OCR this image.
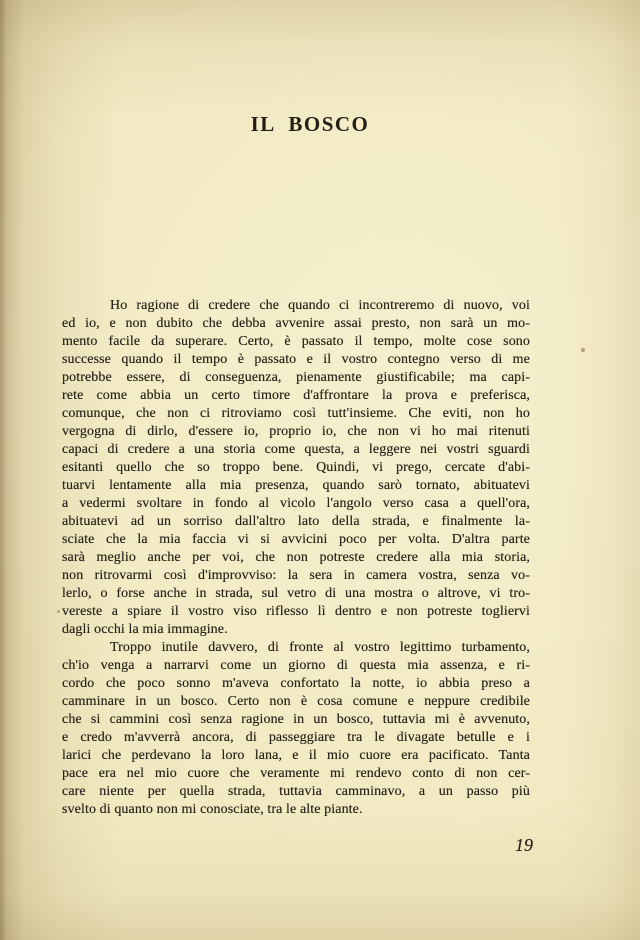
IL BOSCO
Ho ragione di credere che quando ci incontreremo di nuovo, voi
ed io, e non dubito che debba avvenire assai presto, non sarà un mo-
mento facile da superare. Certo, è passato il tempo, molte cose sono
successe quando il tempo è passato e il vostro contegno verso di me
potrebbe essere, di conseguenza, pienamente giustificabile; ma capi-
rete come abbia un certo timore d'affrontare la prova e preferisca,
comunque, che non ci ritroviamo così tutt'insieme. Che eviti, non ho
vergogna di dirlo, d'essere io, proprio io, che non vi ho mai ritenuti
capaci di credere a una storia come questa, a leggere nei vostri sguardi
esitanti quello che so troppo bene. Quindi, vi prego, cercate d'abi-
tuarvi lentamente alla mia presenza, quando sarò tornato, abituatevi
a vedermi svoltare in fondo al vicolo l'angolo verso casa a quell'ora,
abituatevi ad un sorriso dall'altro lato della strada, e finalmente la-
sciate che la mia faccia vi si avvicini poco per volta. D'altra parte
sarà meglio anche per voi, che non potreste credere alla mia storia,
non ritrovarmi così d'improvviso: la sera in camera vostra, senza vo-
lerlo, o forse anche in strada, sul vetro di una mostra o altrove, vi tro-
vereste a spiare il vostro viso riflesso lì dentro e non potreste togliervi
dagli occhi la mia immagine.
Troppo inutile davvero, di fronte al vostro legittimo turbamento,
ch'io venga a narrarvi come un giorno di questa mia assenza, e ri-
cordo che poco sonno m'aveva confortato la notte, io abbia preso a
camminare in un bosco. Certo non è cosa comune e neppure credibile
che si cammini così senza ragione in un bosco, tuttavia mi è avvenuto,
e credo m'avverrà ancora, di passeggiare tra le divagate betulle e i
larici che perdevano la loro lana, e il mio cuore era pacificato. Tanta
pace era nel mio cuore che veramente mi rendevo conto di non cer-
care niente per quella strada, tuttavia camminavo, a un passo più
svelto di quanto non mi conosciate, tra le alte piante.
19
